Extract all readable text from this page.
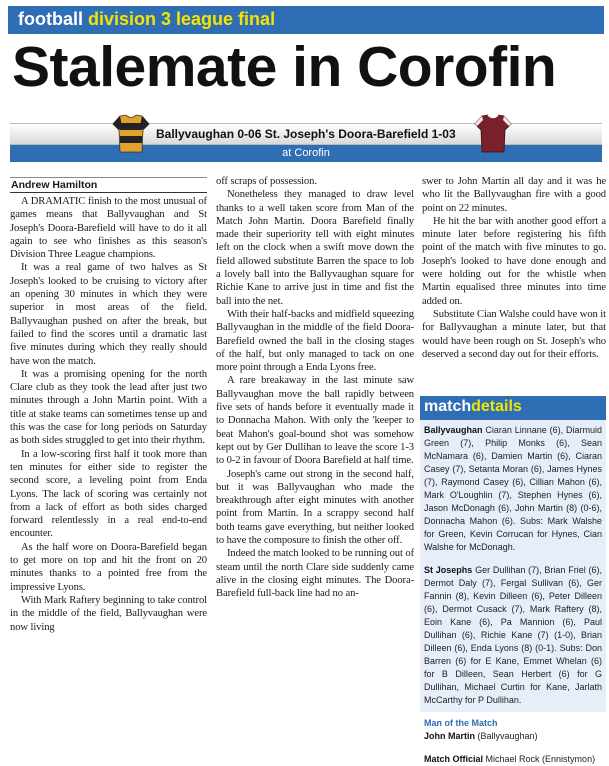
football division 3 league final
Stalemate in Corofin
Ballyvaughan 0-06 St. Joseph's Doora-Barefield 1-03
at Corofin
Andrew Hamilton

A DRAMATIC finish to the most unusual of games means that Ballyvaughan and St Joseph's Doora-Barefield will have to do it all again to see who finishes as this season's Division Three League champions.

It was a real game of two halves as St Joseph's looked to be cruising to victory after an opening 30 minutes in which they were superior in most areas of the field. Ballyvaughan pushed on after the break, but failed to find the scores until a dramatic last five minutes during which they really should have won the match.

It was a promising opening for the north Clare club as they took the lead after just two minutes through a John Martin point. With a title at stake teams can sometimes tense up and this was the case for long periods on Saturday as both sides struggled to get into their rhythm.

In a low-scoring first half it took more than ten minutes for either side to register the second score, a leveling point from Enda Lyons. The lack of scoring was certainly not from a lack of effort as both sides charged forward relentlessly in a real end-to-end encounter.

As the half wore on Doora-Barefield began to get more on top and hit the front on 20 minutes thanks to a pointed free from the impressive Lyons.

With Mark Raftery beginning to take control in the middle of the field, Ballyvaughan were now living

off scraps of possession.

Nonetheless they managed to draw level thanks to a well taken score from Man of the Match John Martin. Doora Barefield finally made their superiority tell with eight minutes left on the clock when a swift move down the field allowed substitute Barren the space to lob a lovely ball into the Ballyvaughan square for Richie Kane to arrive just in time and fist the ball into the net.

With their half-backs and midfield squeezing Ballyvaughan in the middle of the field Doora-Barefield owned the ball in the closing stages of the half, but only managed to tack on one more point through a Enda Lyons free.

A rare breakaway in the last minute saw Ballyvaughan move the ball rapidly between five sets of hands before it eventually made it to Donnacha Mahon. With only the 'keeper to beat Mahon's goal-bound shot was somehow kept out by Ger Dullihan to leave the score 1-3 to 0-2 in favour of Doora Barefield at half time.

Joseph's came out strong in the second half, but it was Ballyvaughan who made the breakthrough after eight minutes with another point from Martin. In a scrappy second half both teams gave everything, but neither looked to have the composure to finish the other off.

Indeed the match looked to be running out of steam until the north Clare side suddenly came alive in the closing eight minutes. The Doora-Barefield full-back line had no an-

swer to John Martin all day and it was he who lit the Ballyvaughan fire with a good point on 22 minutes.

He hit the bar with another good effort a minute later before registering his fifth point of the match with five minutes to go. Joseph's looked to have done enough and were holding out for the whistle when Martin equalised three minutes into time added on.

Substitute Cian Walshe could have won it for Ballyvaughan a minute later, but that would have been rough on St. Joseph's who deserved a second day out for their efforts.

matchdetails
Ballyvaughan Ciaran Linnane (6), Diarmuid Green (7), Philip Monks (6), Sean McNamara (6), Damien Martin (6), Ciaran Casey (7), Setanta Moran (6), James Hynes (7), Raymond Casey (6), Cillian Mahon (6), Mark O'Loughlin (7), Stephen Hynes (6), Jason McDonagh (6), John Martin (8) (0-6), Donnacha Mahon (6). Subs: Mark Walshe for Green, Kevin Corrucan for Hynes, Cian Walshe for McDonagh.
St Josephs Ger Dullihan (7), Brian Friel (6), Dermot Daly (7), Fergal Sullivan (6), Ger Fannin (8), Kevin Dilleen (6), Peter Dilleen (6), Dermot Cusack (7), Mark Raftery (8), Eoin Kane (6), Pa Mannion (6), Paul Dullihan (6), Richie Kane (7) (1-0), Brian Dilleen (6), Enda Lyons (8) (0-1). Subs: Don Barren (6) for E Kane, Emmet Whelan (6) for B Dilleen, Sean Herbert (6) for G Dullihan, Michael Curtin for Kane, Jarlath McCarthy for P Dullihan.
Man of the Match
John Martin (Ballyvaughan)
Match Official Michael Rock (Ennistymon)
